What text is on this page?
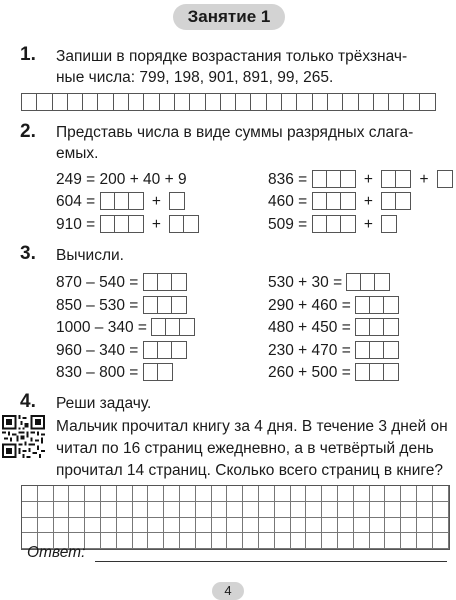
Занятие 1
1. Запиши в порядке возрастания только трёхзнач-
ные числа: 799, 198, 901, 891, 99, 265.
2. Представь числа в виде суммы разрядных слага-
емых.
249 = 200 + 40 + 9
604 =	+
910 =	+
836 =	+	+
460 =	+
509 =	+
3. Вычисли.
870 – 540 =
850 – 530 =
1000 – 340 =
960 – 340 =
830 – 800 =
530 + 30 =
290 + 460 =
480 + 450 =
230 + 470 =
260 + 500 =
4. Реши задачу.
Мальчик прочитал книгу за 4 дня. В течение 3 дней он
читал по 16 страниц ежедневно, а в четвёртый день
прочитал 14 страниц. Сколько всего страниц в книге?
Ответ:
4
